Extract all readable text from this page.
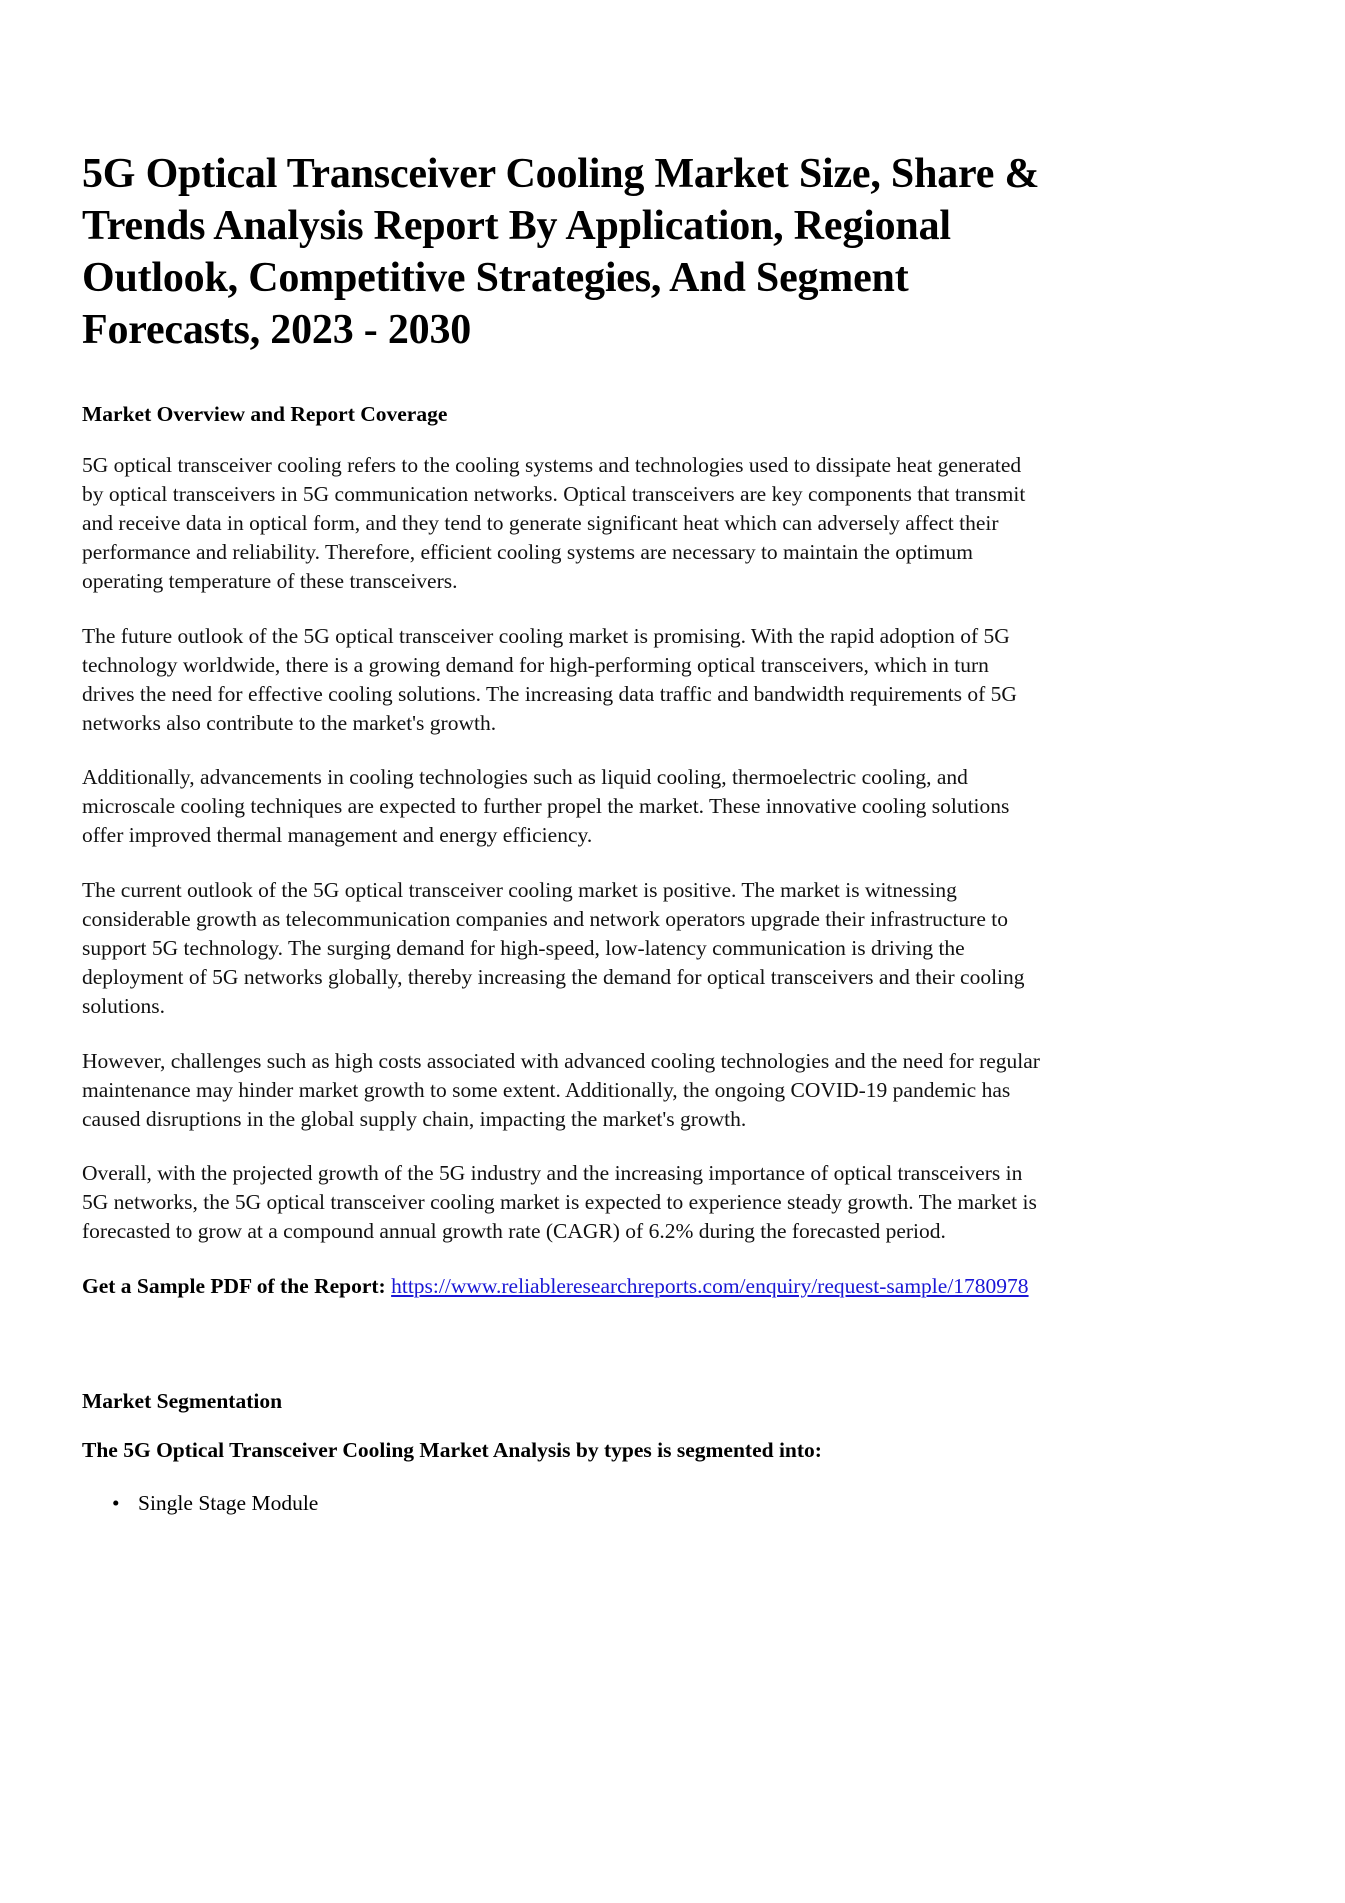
5G Optical Transceiver Cooling Market Size, Share & Trends Analysis Report By Application, Regional Outlook, Competitive Strategies, And Segment Forecasts, 2023 - 2030
Market Overview and Report Coverage

5G optical transceiver cooling refers to the cooling systems and technologies used to dissipate heat generated by optical transceivers in 5G communication networks. Optical transceivers are key components that transmit and receive data in optical form, and they tend to generate significant heat which can adversely affect their performance and reliability. Therefore, efficient cooling systems are necessary to maintain the optimum operating temperature of these transceivers.

The future outlook of the 5G optical transceiver cooling market is promising. With the rapid adoption of 5G technology worldwide, there is a growing demand for high-performing optical transceivers, which in turn drives the need for effective cooling solutions. The increasing data traffic and bandwidth requirements of 5G networks also contribute to the market's growth.

Additionally, advancements in cooling technologies such as liquid cooling, thermoelectric cooling, and microscale cooling techniques are expected to further propel the market. These innovative cooling solutions offer improved thermal management and energy efficiency.

The current outlook of the 5G optical transceiver cooling market is positive. The market is witnessing considerable growth as telecommunication companies and network operators upgrade their infrastructure to support 5G technology. The surging demand for high-speed, low-latency communication is driving the deployment of 5G networks globally, thereby increasing the demand for optical transceivers and their cooling solutions.

However, challenges such as high costs associated with advanced cooling technologies and the need for regular maintenance may hinder market growth to some extent. Additionally, the ongoing COVID-19 pandemic has caused disruptions in the global supply chain, impacting the market's growth.

Overall, with the projected growth of the 5G industry and the increasing importance of optical transceivers in 5G networks, the 5G optical transceiver cooling market is expected to experience steady growth. The market is forecasted to grow at a compound annual growth rate (CAGR) of 6.2% during the forecasted period.

Get a Sample PDF of the Report: https://www.reliableresearchreports.com/enquiry/request-sample/1780978

Market Segmentation
The 5G Optical Transceiver Cooling Market Analysis by types is segmented into:
• Single Stage Module
